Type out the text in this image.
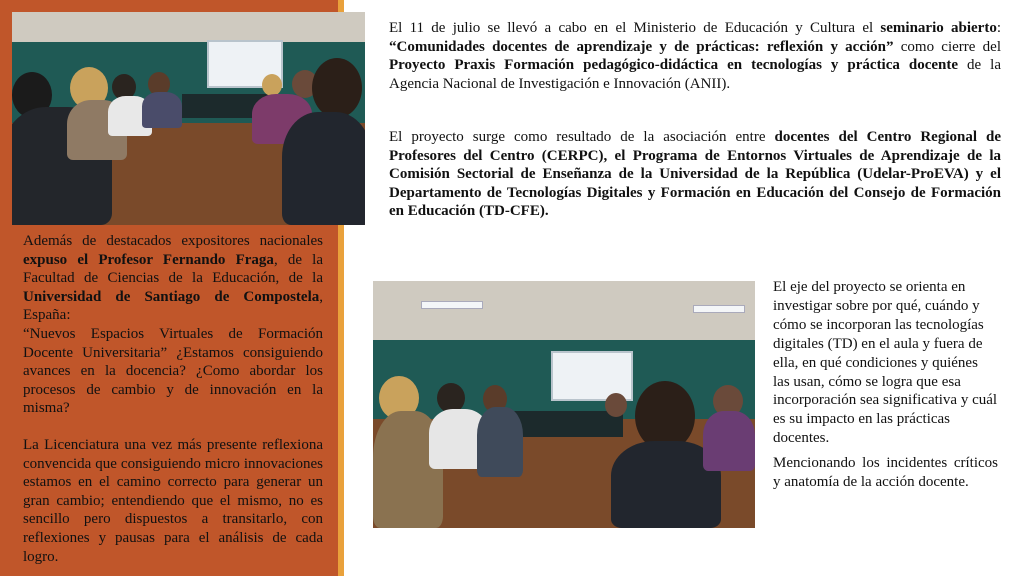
El 11 de julio se llevó a cabo en el Ministerio de Educación y Cultura el seminario abierto: “Comunidades docentes de aprendizaje y de prácticas: reflexión y acción” como cierre del Proyecto Praxis Formación pedagógico-didáctica en tecnologías y práctica docente de la Agencia Nacional de Investigación e Innovación (ANII).
El proyecto surge como resultado de la asociación entre docentes del Centro Regional de Profesores del Centro (CERPC), el Programa de Entornos Virtuales de Aprendizaje de la Comisión Sectorial de Enseñanza de la Universidad de la República (Udelar-ProEVA) y el Departamento de Tecnologías Digitales y Formación en Educación del Consejo de Formación en Educación (TD-CFE).

Además de destacados expositores nacionales expuso el Profesor Fernando Fraga, de la Facultad de Ciencias de la Educación, de la Universidad de Santiago de Compostela, España:

“Nuevos Espacios Virtuales de Formación Docente Universitaria” ¿Estamos consiguiendo avances en la docencia? ¿Como abordar los procesos de cambio y de innovación en la misma?

La Licenciatura una vez más presente reflexiona convencida que consiguiendo micro innovaciones estamos en el camino correcto para generar un gran cambio; entendiendo que el mismo, no es sencillo pero dispuestos a transitarlo, con reflexiones y pausas para el análisis de cada logro.

El eje del proyecto se orienta en investigar sobre por qué, cuándo y cómo se incorporan las tecnologías digitales (TD) en el aula y fuera de ella, en qué condiciones y quiénes las usan, cómo se logra que esa incorporación sea significativa y cuál es su impacto en las prácticas docentes.

Mencionando los incidentes críticos y anatomía de la acción docente.
